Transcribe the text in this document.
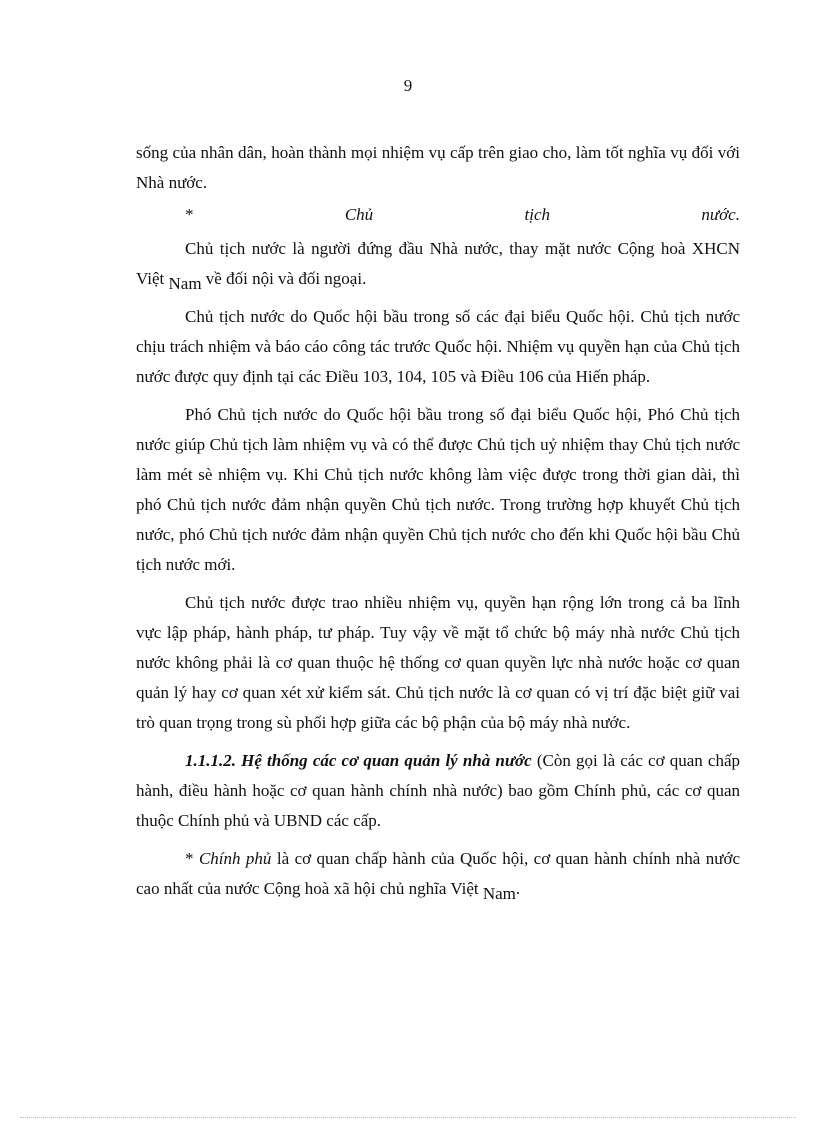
9

sống của nhân dân, hoàn thành mọi nhiệm vụ cấp trên giao cho, làm tốt nghĩa vụ đối với Nhà nước.

*	Chủ	tịch	nước.

Chủ tịch nước là người đứng đầu Nhà nước, thay mặt nước Cộng hoà XHCN Việt Nam về đối nội và đối ngoại.

Chủ tịch nước do Quốc hội bầu trong số các đại biểu Quốc hội. Chủ tịch nước chịu trách nhiệm và báo cáo công tác trước Quốc hội. Nhiệm vụ quyền hạn của Chủ tịch nước được quy định tại các Điều 103, 104, 105 và Điều 106 của Hiến pháp.

Phó Chủ tịch nước do Quốc hội bầu trong số đại biểu Quốc hội, Phó Chủ tịch nước giúp Chủ tịch làm nhiệm vụ và có thể được Chủ tịch uỷ nhiệm thay Chủ tịch nước làm mét sè nhiệm vụ. Khi Chủ tịch nước không làm việc được trong thời gian dài, thì phó Chủ tịch nước đảm nhận quyền Chủ tịch nước. Trong trường hợp khuyết Chủ tịch nước, phó Chủ tịch nước đảm nhận quyền Chủ tịch nước cho đến khi Quốc hội bầu Chủ tịch nước mới.

Chủ tịch nước được trao nhiều nhiệm vụ, quyền hạn rộng lớn trong cả ba lĩnh vực lập pháp, hành pháp, tư pháp. Tuy vậy về mặt tổ chức bộ máy nhà nước Chủ tịch nước không phải là cơ quan thuộc hệ thống cơ quan quyền lực nhà nước hoặc cơ quan quản lý hay cơ quan xét xử kiểm sát. Chủ tịch nước là cơ quan có vị trí đặc biệt giữ vai trò quan trọng trong sù phối hợp giữa các bộ phận của bộ máy nhà nước.

1.1.1.2. Hệ thống các cơ quan quản lý nhà nước (Còn gọi là các cơ quan chấp hành, điều hành hoặc cơ quan hành chính nhà nước) bao gồm Chính phủ, các cơ quan thuộc Chính phủ và UBND các cấp.

* Chính phủ là cơ quan chấp hành của Quốc hội, cơ quan hành chính nhà nước cao nhất của nước Cộng hoà xã hội chủ nghĩa Việt Nam.
